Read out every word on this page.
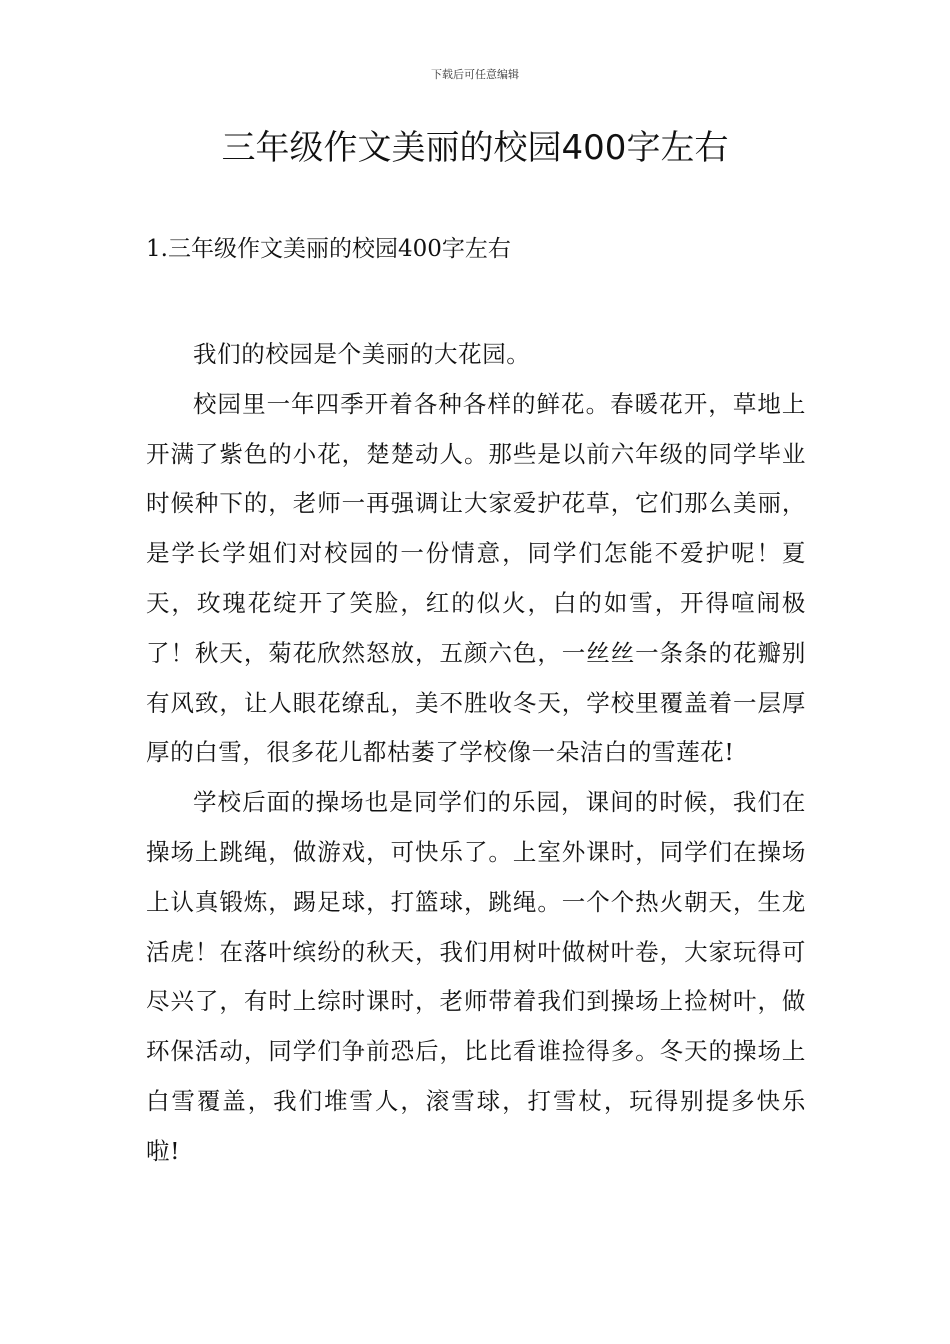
下载后可任意编辑
三年级作文美丽的校园400字左右
1.三年级作文美丽的校园400字左右

我们的校园是个美丽的大花园。

校园里一年四季开着各种各样的鲜花。春暖花开，草地上开满了紫色的小花，楚楚动人。那些是以前六年级的同学毕业时候种下的，老师一再强调让大家爱护花草，它们那么美丽，是学长学姐们对校园的一份情意，同学们怎能不爱护呢！夏天，玫瑰花绽开了笑脸，红的似火，白的如雪，开得喧闹极了！秋天，菊花欣然怒放，五颜六色，一丝丝一条条的花瓣别有风致，让人眼花缭乱，美不胜收冬天，学校里覆盖着一层厚厚的白雪，很多花儿都枯萎了学校像一朵洁白的雪莲花!

学校后面的操场也是同学们的乐园，课间的时候，我们在操场上跳绳，做游戏，可快乐了。上室外课时，同学们在操场上认真锻炼，踢足球，打篮球，跳绳。一个个热火朝天，生龙活虎！在落叶缤纷的秋天，我们用树叶做树叶卷，大家玩得可尽兴了，有时上综时课时，老师带着我们到操场上捡树叶，做环保活动，同学们争前恐后，比比看谁捡得多。冬天的操场上白雪覆盖，我们堆雪人，滚雪球，打雪杖，玩得别提多快乐啦!
